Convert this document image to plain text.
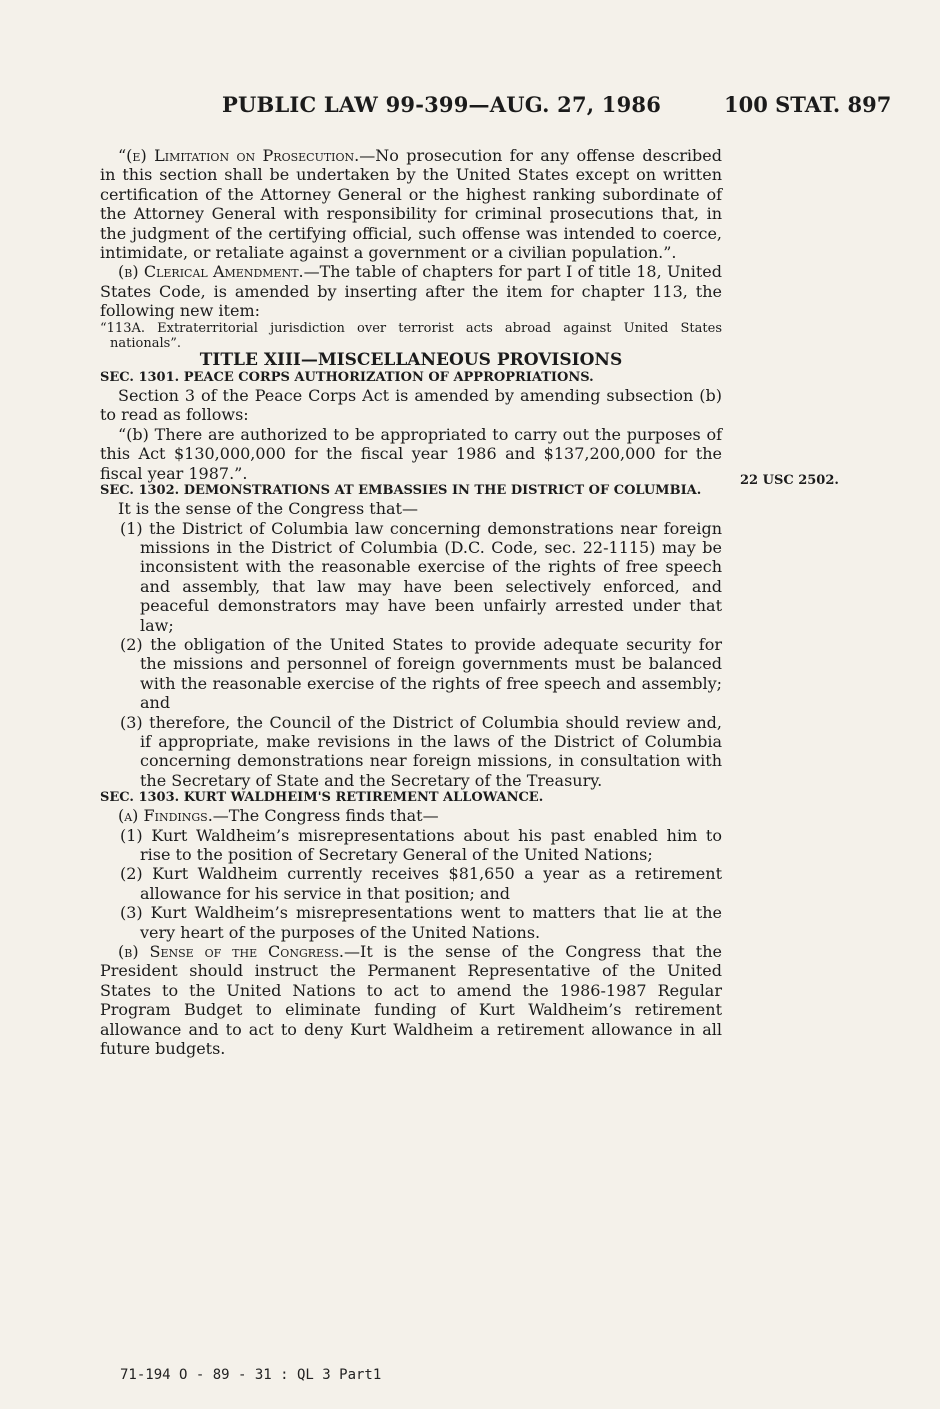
PUBLIC LAW 99-399—AUG. 27, 1986	100 STAT. 897
22 USC 2502.

“(e) Limitation on Prosecution.—No prosecution for any offense described in this section shall be undertaken by the United States except on written certification of the Attorney General or the highest ranking subordinate of the Attorney General with responsibility for criminal prosecutions that, in the judgment of the certifying official, such offense was intended to coerce, intimidate, or retaliate against a government or a civilian population.”.

(b) Clerical Amendment.—The table of chapters for part I of title 18, United States Code, is amended by inserting after the item for chapter 113, the following new item:

“113A. Extraterritorial jurisdiction over terrorist acts abroad against United States nationals”.

TITLE XIII—MISCELLANEOUS PROVISIONS

SEC. 1301. PEACE CORPS AUTHORIZATION OF APPROPRIATIONS.

Section 3 of the Peace Corps Act is amended by amending subsection (b) to read as follows:

“(b) There are authorized to be appropriated to carry out the purposes of this Act $130,000,000 for the fiscal year 1986 and $137,200,000 for the fiscal year 1987.”.

SEC. 1302. DEMONSTRATIONS AT EMBASSIES IN THE DISTRICT OF COLUMBIA.

It is the sense of the Congress that—

(1) the District of Columbia law concerning demonstrations near foreign missions in the District of Columbia (D.C. Code, sec. 22-1115) may be inconsistent with the reasonable exercise of the rights of free speech and assembly, that law may have been selectively enforced, and peaceful demonstrators may have been unfairly arrested under that law;

(2) the obligation of the United States to provide adequate security for the missions and personnel of foreign governments must be balanced with the reasonable exercise of the rights of free speech and assembly; and

(3) therefore, the Council of the District of Columbia should review and, if appropriate, make revisions in the laws of the District of Columbia concerning demonstrations near foreign missions, in consultation with the Secretary of State and the Secretary of the Treasury.

SEC. 1303. KURT WALDHEIM'S RETIREMENT ALLOWANCE.

(a) Findings.—The Congress finds that—

(1) Kurt Waldheim’s misrepresentations about his past enabled him to rise to the position of Secretary General of the United Nations;

(2) Kurt Waldheim currently receives $81,650 a year as a retirement allowance for his service in that position; and

(3) Kurt Waldheim’s misrepresentations went to matters that lie at the very heart of the purposes of the United Nations.

(b) Sense of the Congress.—It is the sense of the Congress that the President should instruct the Permanent Representative of the United States to the United Nations to act to amend the 1986-1987 Regular Program Budget to eliminate funding of Kurt Waldheim’s retirement allowance and to act to deny Kurt Waldheim a retirement allowance in all future budgets.

71-194 O - 89 - 31 : QL 3 Part1
